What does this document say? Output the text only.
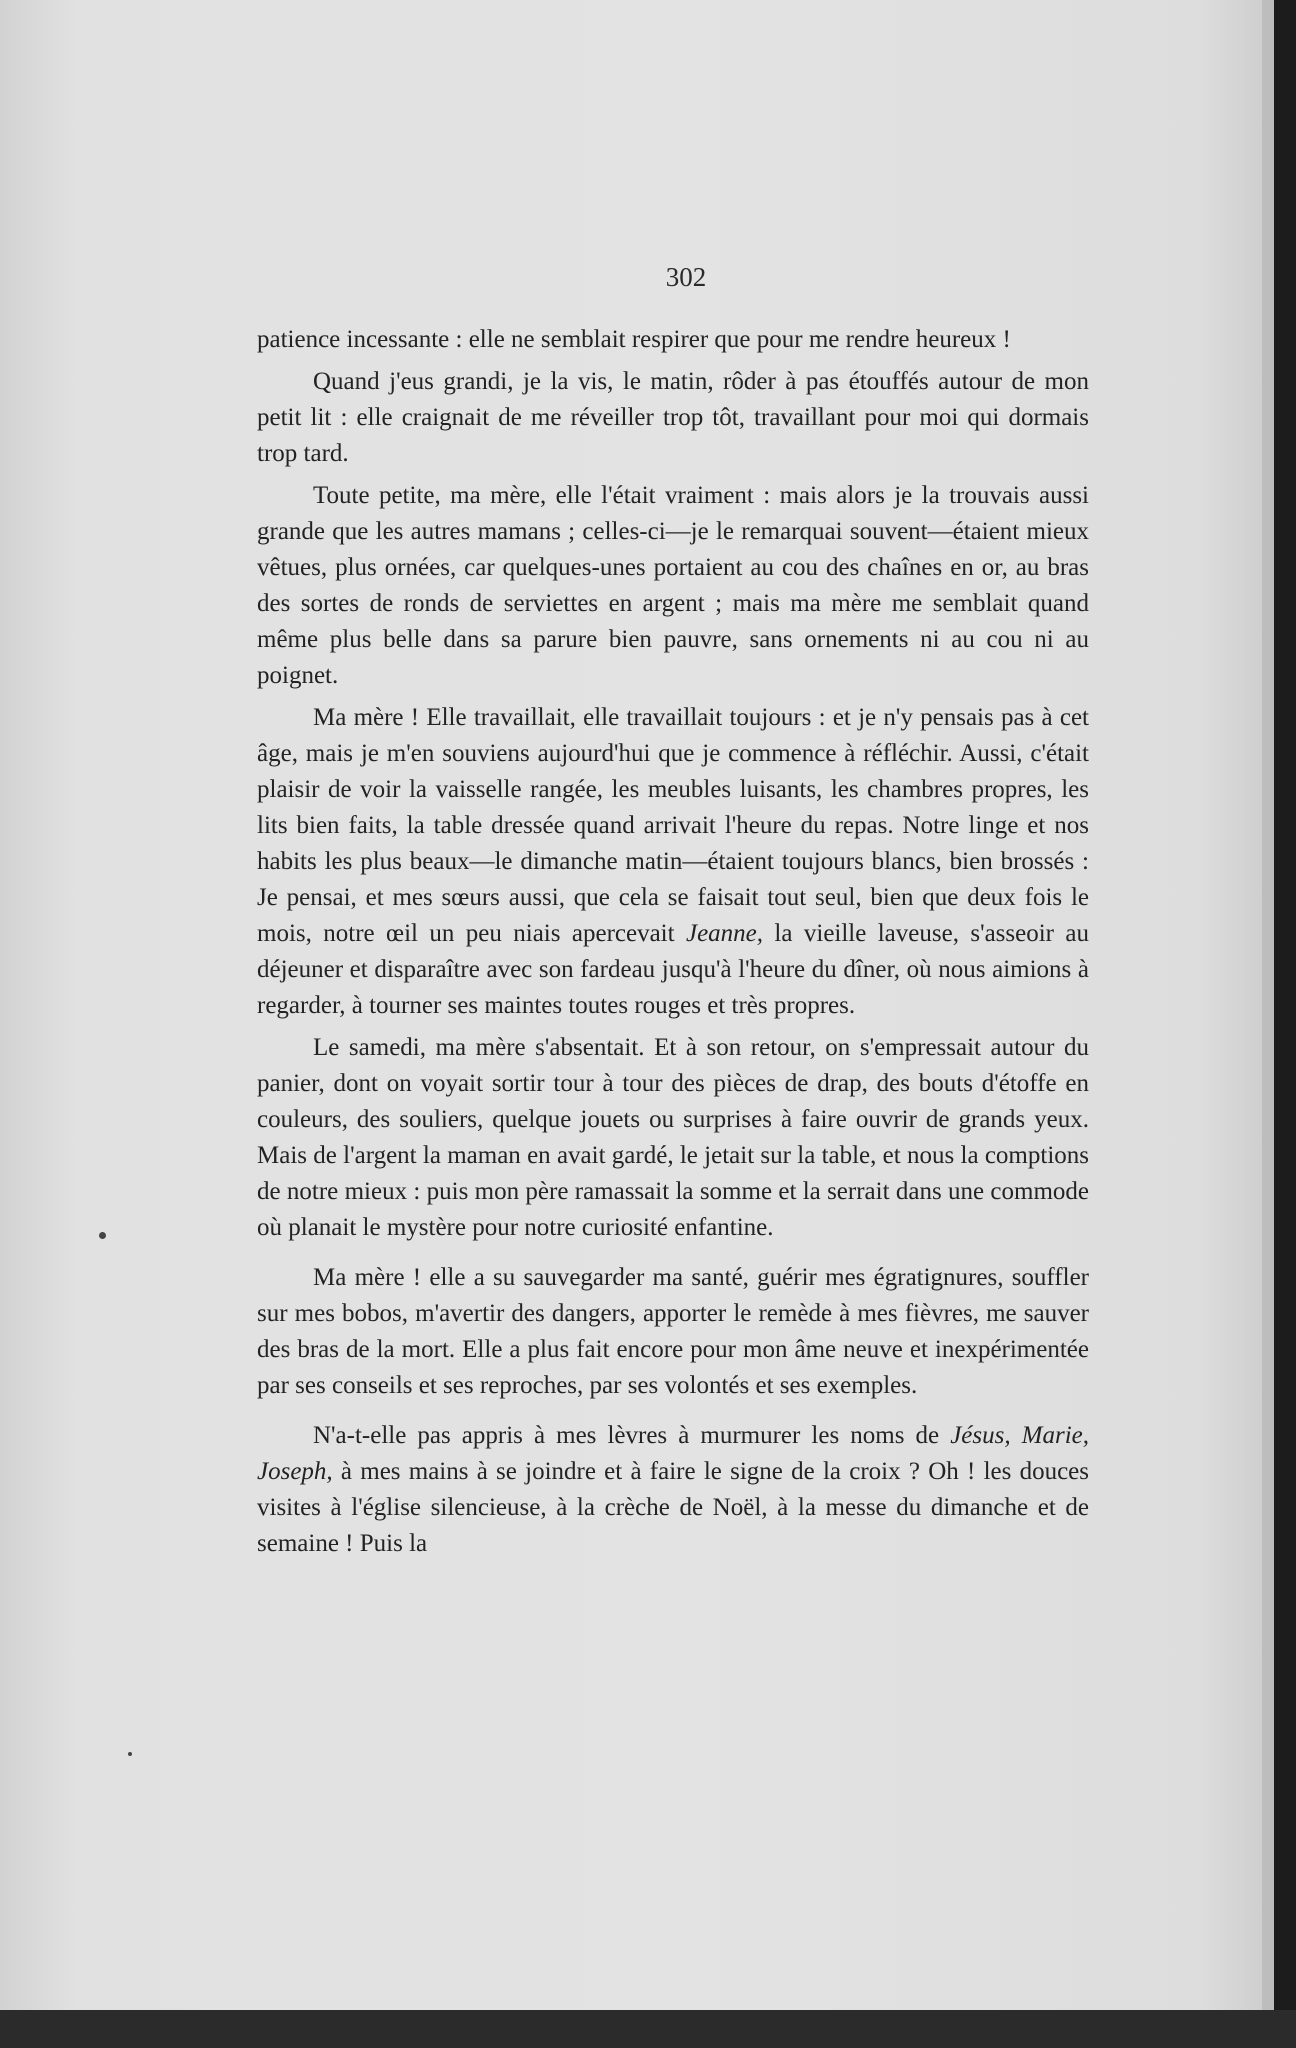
302

patience incessante : elle ne semblait respirer que pour me rendre heureux !

Quand j'eus grandi, je la vis, le matin, rôder à pas étouffés autour de mon petit lit : elle craignait de me réveiller trop tôt, travaillant pour moi qui dormais trop tard.

Toute petite, ma mère, elle l'était vraiment : mais alors je la trouvais aussi grande que les autres mamans ; celles-ci—je le remarquai souvent—étaient mieux vêtues, plus ornées, car quelques-unes portaient au cou des chaînes en or, au bras des sortes de ronds de serviettes en argent ; mais ma mère me semblait quand même plus belle dans sa parure bien pauvre, sans ornements ni au cou ni au poignet.

Ma mère ! Elle travaillait, elle travaillait toujours : et je n'y pensais pas à cet âge, mais je m'en souviens aujourd'hui que je commence à réfléchir. Aussi, c'était plaisir de voir la vaisselle rangée, les meubles luisants, les chambres propres, les lits bien faits, la table dressée quand arrivait l'heure du repas. Notre linge et nos habits les plus beaux—le dimanche matin—étaient toujours blancs, bien brossés : Je pensai, et mes sœurs aussi, que cela se faisait tout seul, bien que deux fois le mois, notre œil un peu niais apercevait Jeanne, la vieille laveuse, s'asseoir au déjeuner et disparaître avec son fardeau jusqu'à l'heure du dîner, où nous aimions à regarder, à tourner ses maintes toutes rouges et très propres.

Le samedi, ma mère s'absentait. Et à son retour, on s'empressait autour du panier, dont on voyait sortir tour à tour des pièces de drap, des bouts d'étoffe en couleurs, des souliers, quelque jouets ou surprises à faire ouvrir de grands yeux. Mais de l'argent la maman en avait gardé, le jetait sur la table, et nous la comptions de notre mieux : puis mon père ramassait la somme et la serrait dans une commode où planait le mystère pour notre curiosité enfantine.

Ma mère ! elle a su sauvegarder ma santé, guérir mes égratignures, souffler sur mes bobos, m'avertir des dangers, apporter le remède à mes fièvres, me sauver des bras de la mort. Elle a plus fait encore pour mon âme neuve et inexpérimentée par ses conseils et ses reproches, par ses volontés et ses exemples.

N'a-t-elle pas appris à mes lèvres à murmurer les noms de Jésus, Marie, Joseph, à mes mains à se joindre et à faire le signe de la croix ? Oh ! les douces visites à l'église silencieuse, à la crèche de Noël, à la messe du dimanche et de semaine ! Puis la
